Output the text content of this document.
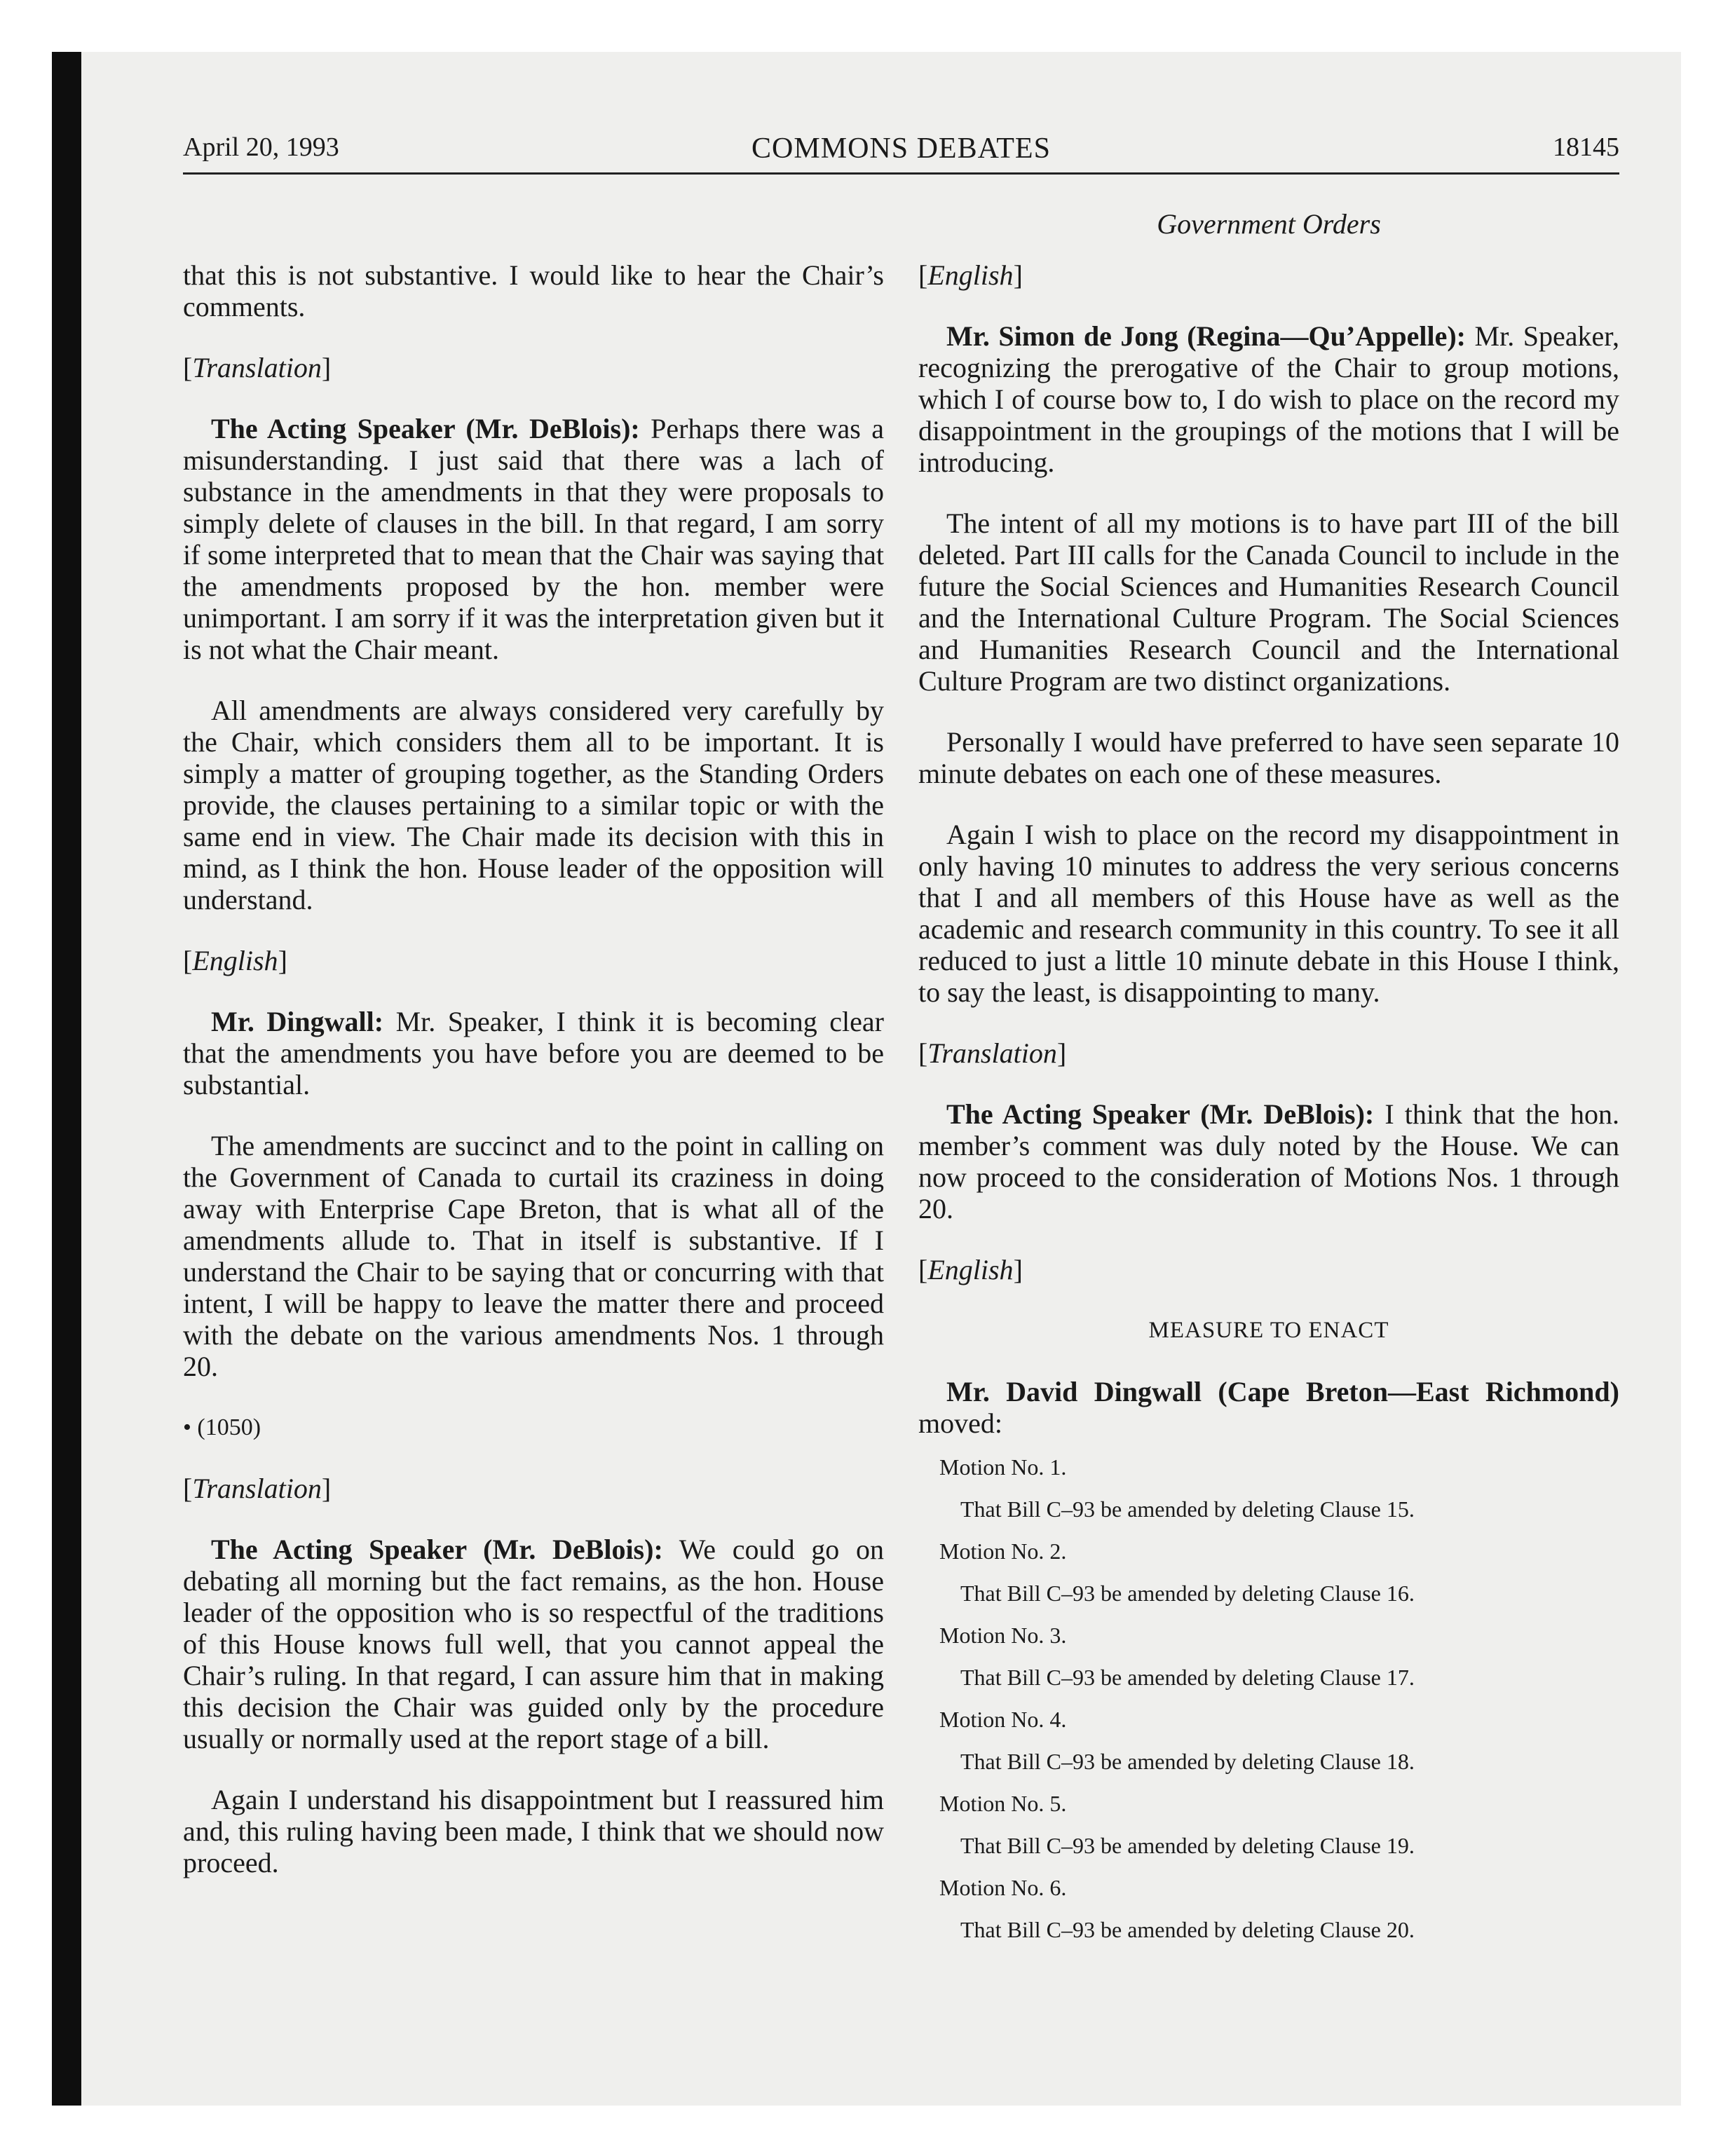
April 20, 1993	COMMONS DEBATES	18145
Government Orders

that this is not substantive. I would like to hear the Chair’s comments.

[Translation]

The Acting Speaker (Mr. DeBlois): Perhaps there was a misunderstanding. I just said that there was a lach of substance in the amendments in that they were proposals to simply delete of clauses in the bill. In that regard, I am sorry if some interpreted that to mean that the Chair was saying that the amendments proposed by the hon. member were unimportant. I am sorry if it was the interpretation given but it is not what the Chair meant.

All amendments are always considered very carefully by the Chair, which considers them all to be important. It is simply a matter of grouping together, as the Standing Orders provide, the clauses pertaining to a similar topic or with the same end in view. The Chair made its decision with this in mind, as I think the hon. House leader of the opposition will understand.

[English]

Mr. Dingwall: Mr. Speaker, I think it is becoming clear that the amendments you have before you are deemed to be substantial.

The amendments are succinct and to the point in calling on the Government of Canada to curtail its craziness in doing away with Enterprise Cape Breton, that is what all of the amendments allude to. That in itself is substantive. If I understand the Chair to be saying that or concurring with that intent, I will be happy to leave the matter there and proceed with the debate on the various amendments Nos. 1 through 20.

• (1050)
[Translation]

The Acting Speaker (Mr. DeBlois): We could go on debating all morning but the fact remains, as the hon. House leader of the opposition who is so respectful of the traditions of this House knows full well, that you cannot appeal the Chair’s ruling. In that regard, I can assure him that in making this decision the Chair was guided only by the procedure usually or normally used at the report stage of a bill.

Again I understand his disappointment but I reassured him and, this ruling having been made, I think that we should now proceed.

[English]

Mr. Simon de Jong (Regina—Qu’Appelle): Mr. Speaker, recognizing the prerogative of the Chair to group motions, which I of course bow to, I do wish to place on the record my disappointment in the groupings of the motions that I will be introducing.

The intent of all my motions is to have part III of the bill deleted. Part III calls for the Canada Council to include in the future the Social Sciences and Humanities Research Council and the International Culture Program. The Social Sciences and Humanities Research Council and the International Culture Program are two distinct organizations.

Personally I would have preferred to have seen separate 10 minute debates on each one of these measures.

Again I wish to place on the record my disappointment in only having 10 minutes to address the very serious concerns that I and all members of this House have as well as the academic and research community in this country. To see it all reduced to just a little 10 minute debate in this House I think, to say the least, is disappointing to many.

[Translation]

The Acting Speaker (Mr. DeBlois): I think that the hon. member’s comment was duly noted by the House. We can now proceed to the consideration of Motions Nos. 1 through 20.

[English]
MEASURE TO ENACT

Mr. David Dingwall (Cape Breton—East Richmond) moved:

Motion No. 1.
That Bill C–93 be amended by deleting Clause 15.
Motion No. 2.
That Bill C–93 be amended by deleting Clause 16.
Motion No. 3.
That Bill C–93 be amended by deleting Clause 17.
Motion No. 4.
That Bill C–93 be amended by deleting Clause 18.
Motion No. 5.
That Bill C–93 be amended by deleting Clause 19.
Motion No. 6.
That Bill C–93 be amended by deleting Clause 20.
